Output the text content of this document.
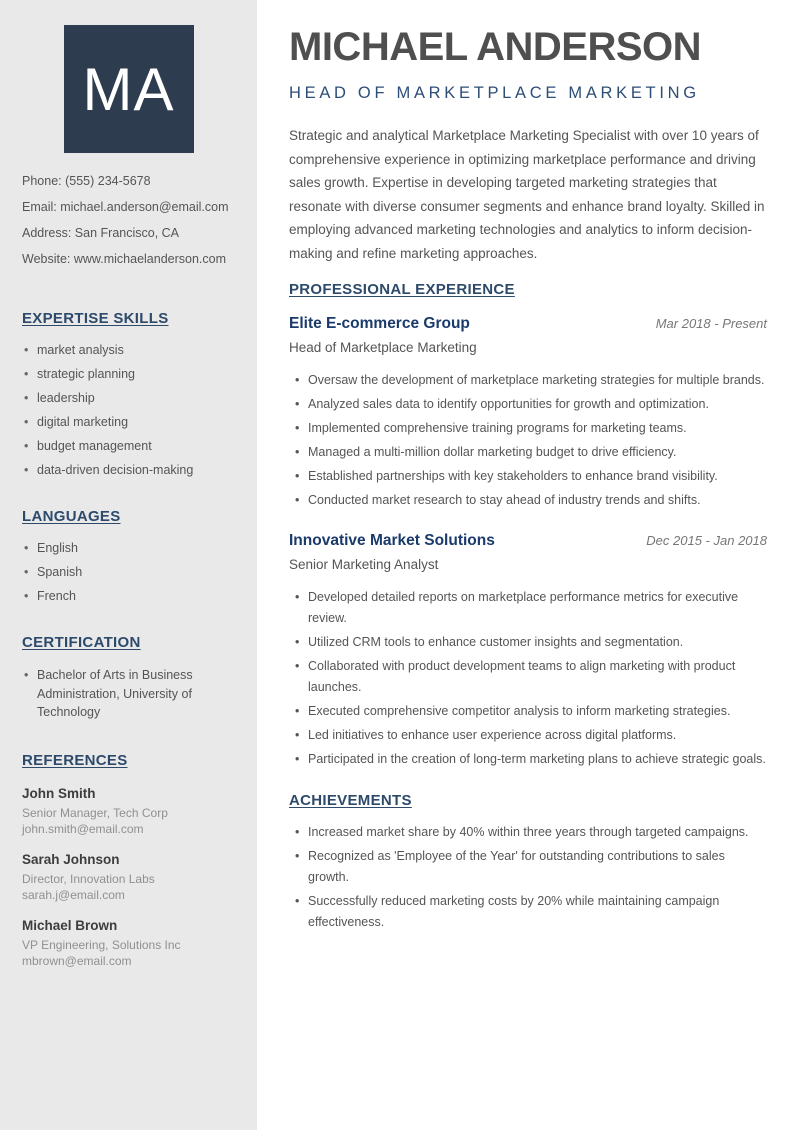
MA

Phone: (555) 234-5678

Email: michael.anderson@email.com

Address: San Francisco, CA

Website: www.michaelanderson.com

EXPERTISE SKILLS
• market analysis
• strategic planning
• leadership
• digital marketing
• budget management
• data-driven decision-making
LANGUAGES
• English
• Spanish
• French
CERTIFICATION
• Bachelor of Arts in Business Administration, University of Technology
REFERENCES
John Smith

Senior Manager, Tech Corp

john.smith@email.com

Sarah Johnson

Director, Innovation Labs

sarah.j@email.com

Michael Brown

VP Engineering, Solutions Inc

mbrown@email.com

MICHAEL ANDERSON
HEAD OF MARKETPLACE MARKETING

Strategic and analytical Marketplace Marketing Specialist with over 10 years of comprehensive experience in optimizing marketplace performance and driving sales growth. Expertise in developing targeted marketing strategies that resonate with diverse consumer segments and enhance brand loyalty. Skilled in employing advanced marketing technologies and analytics to inform decision-making and refine marketing approaches.

PROFESSIONAL EXPERIENCE
Elite E-commerce Group	Mar 2018 - Present

Head of Marketplace Marketing

• Oversaw the development of marketplace marketing strategies for multiple brands.
• Analyzed sales data to identify opportunities for growth and optimization.
• Implemented comprehensive training programs for marketing teams.
• Managed a multi-million dollar marketing budget to drive efficiency.
• Established partnerships with key stakeholders to enhance brand visibility.
• Conducted market research to stay ahead of industry trends and shifts.
Innovative Market Solutions	Dec 2015 - Jan 2018

Senior Marketing Analyst

• Developed detailed reports on marketplace performance metrics for executive review.
• Utilized CRM tools to enhance customer insights and segmentation.
• Collaborated with product development teams to align marketing with product launches.
• Executed comprehensive competitor analysis to inform marketing strategies.
• Led initiatives to enhance user experience across digital platforms.
• Participated in the creation of long-term marketing plans to achieve strategic goals.
ACHIEVEMENTS
• Increased market share by 40% within three years through targeted campaigns.
• Recognized as 'Employee of the Year' for outstanding contributions to sales growth.
• Successfully reduced marketing costs by 20% while maintaining campaign effectiveness.
